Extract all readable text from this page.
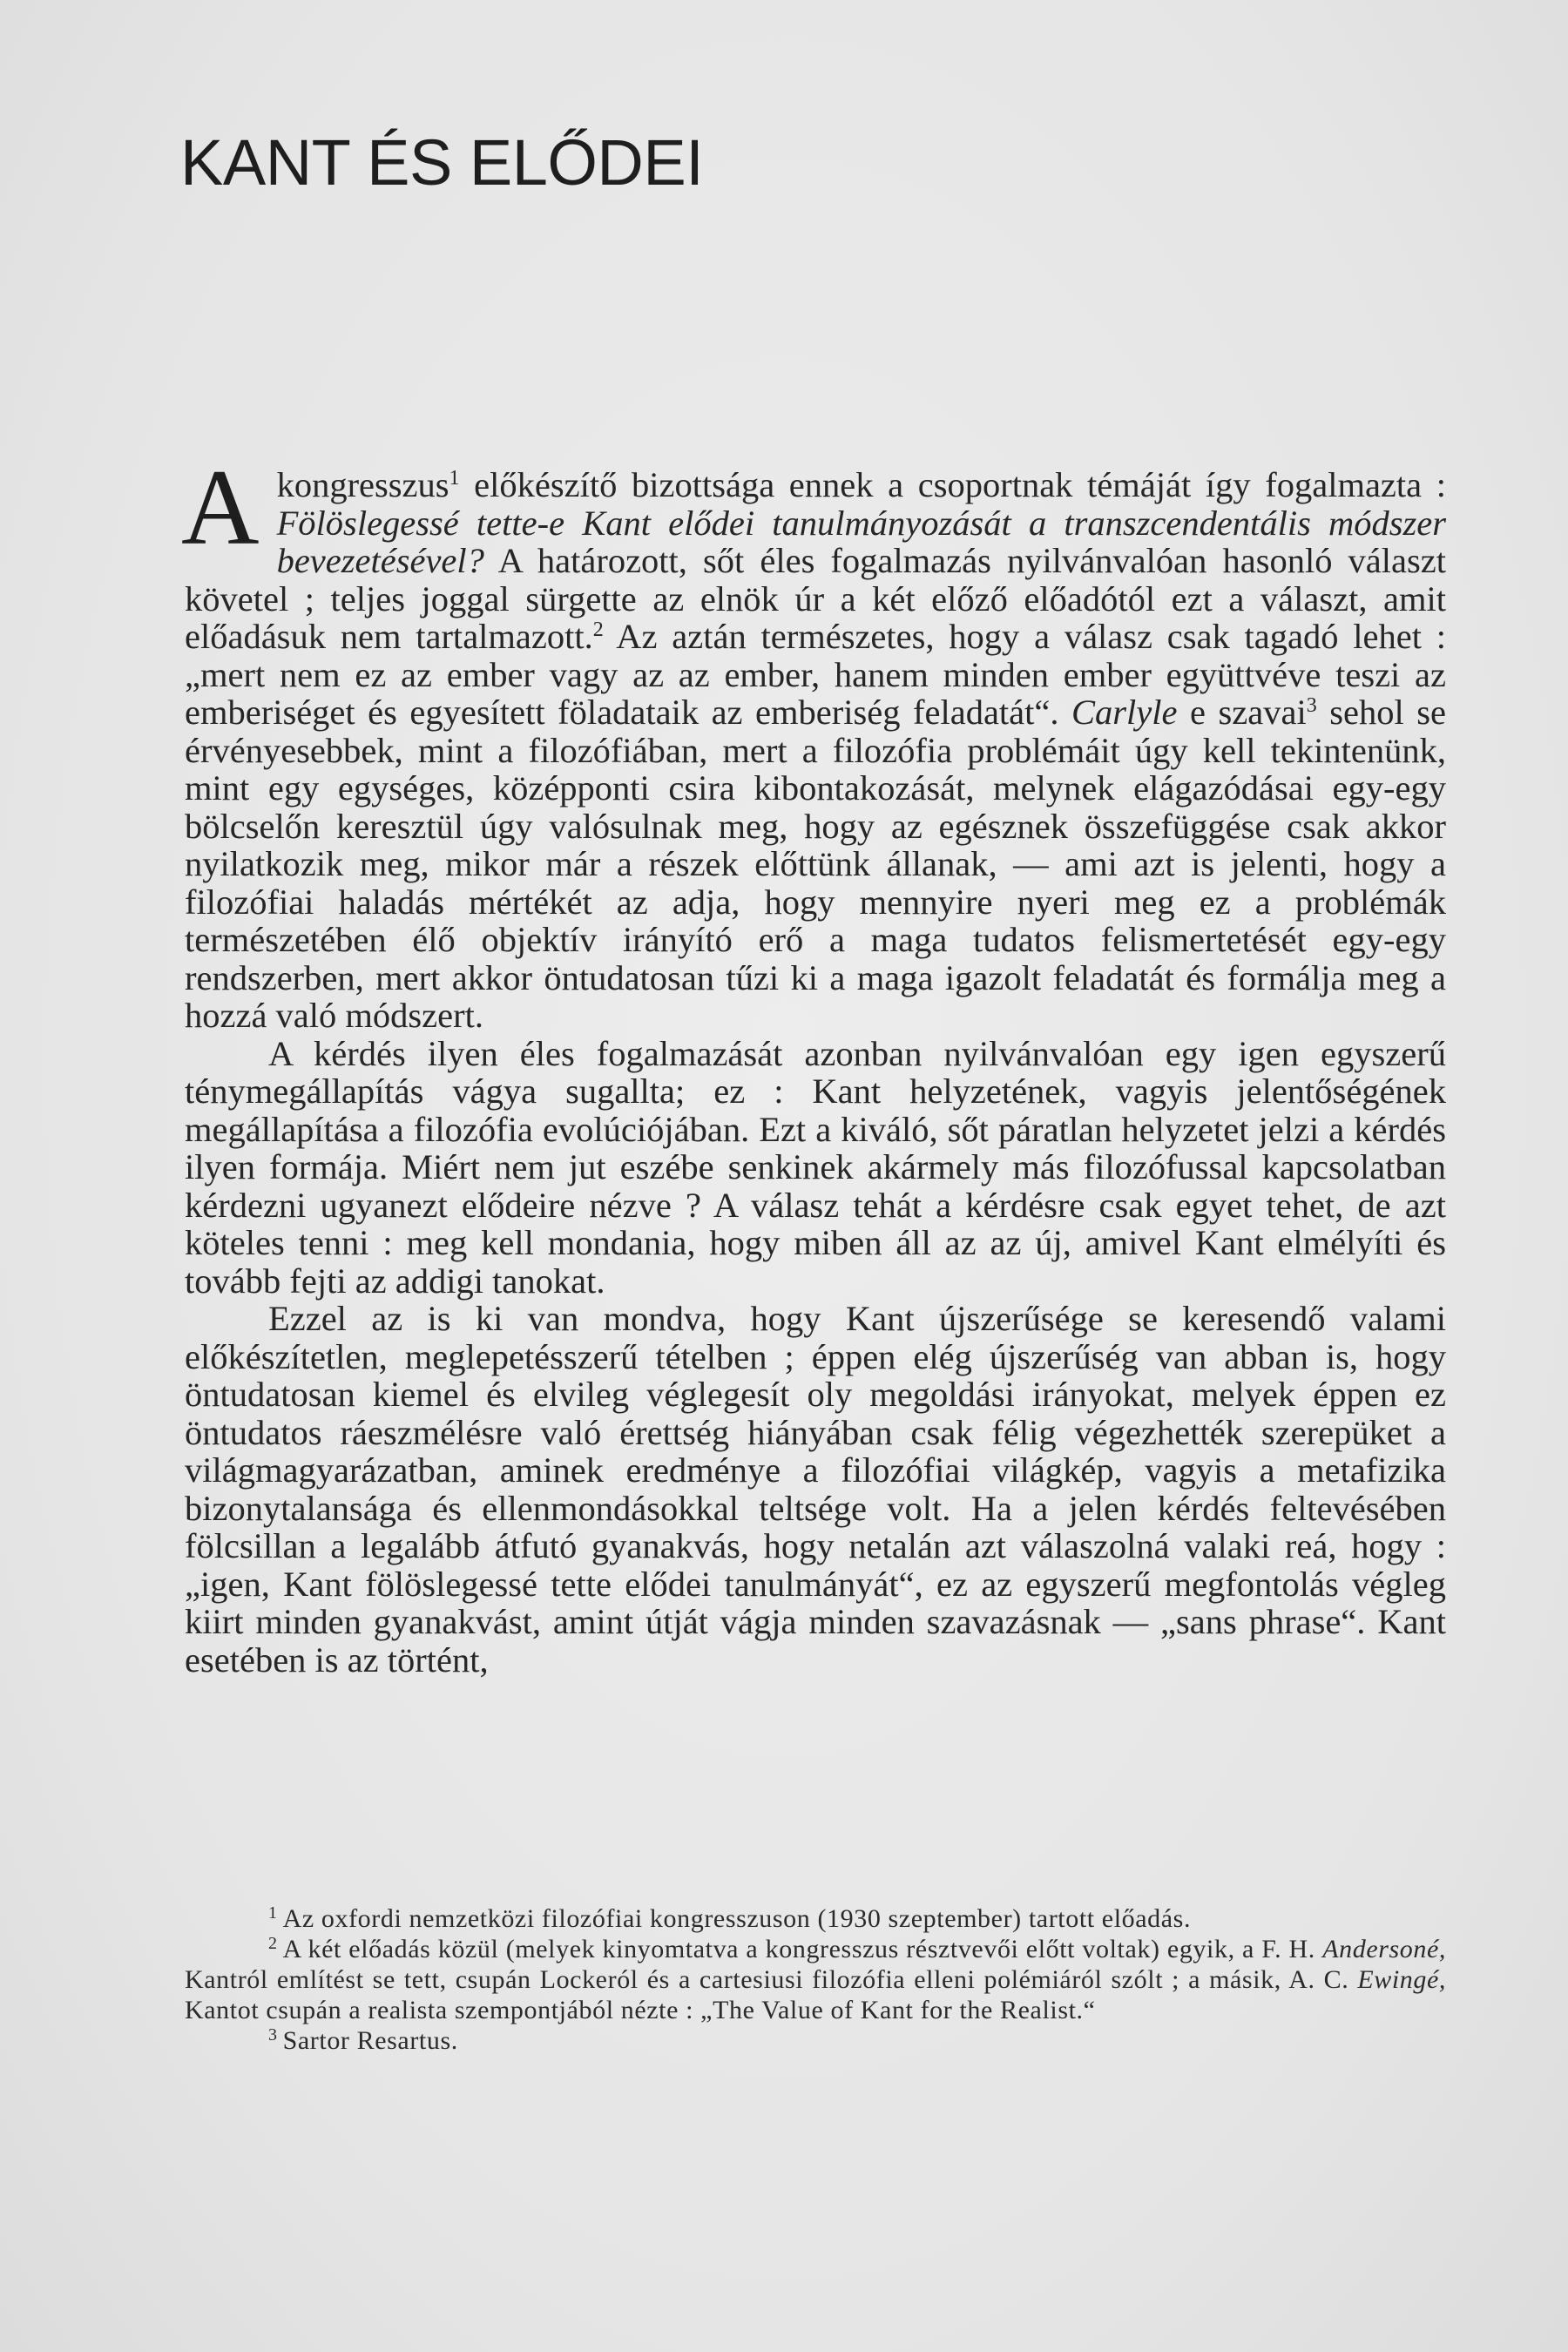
KANT ÉS ELŐDEI

Akongresszus$^1$ előkészítő bizottsága ennek a csoportnak témáját így fogalmazta : Fölöslegessé tette-e Kant elődei tanulmányozását a transzcendentális módszer bevezetésével? A határozott, sőt éles fogalmazás nyilvánvalóan hasonló választ követel ; teljes joggal sürgette az elnök úr a két előző előadótól ezt a választ, amit előadásuk nem tartalmazott.$^2$ Az aztán természetes, hogy a válasz csak tagadó lehet : „mert nem ez az ember vagy az az ember, hanem minden ember együttvéve teszi az emberiséget és egyesített föladataik az emberiség feladatát“. Carlyle e szavai$^3$ sehol se érvényesebbek, mint a filozófiában, mert a filozófia problémáit úgy kell tekintenünk, mint egy egységes, középponti csira kibontakozását, melynek elágazódásai egy-egy bölcselőn keresztül úgy valósulnak meg, hogy az egésznek összefüggése csak akkor nyilatkozik meg, mikor már a részek előttünk állanak, — ami azt is jelenti, hogy a filozófiai haladás mértékét az adja, hogy mennyire nyeri meg ez a problémák természetében élő objektív irányító erő a maga tudatos felismertetését egy-egy rendszerben, mert akkor öntudatosan tűzi ki a maga igazolt feladatát és formálja meg a hozzá való módszert.

A kérdés ilyen éles fogalmazását azonban nyilvánvalóan egy igen egyszerű ténymegállapítás vágya sugallta; ez : Kant helyzetének, vagyis jelentőségének megállapítása a filozófia evolúciójában. Ezt a kiváló, sőt páratlan helyzetet jelzi a kérdés ilyen formája. Miért nem jut eszébe senkinek akármely más filozófussal kapcsolatban kérdezni ugyanezt elődeire nézve ? A válasz tehát a kérdésre csak egyet tehet, de azt köteles tenni : meg kell mondania, hogy miben áll az az új, amivel Kant elmélyíti és tovább fejti az addigi tanokat.

Ezzel az is ki van mondva, hogy Kant újszerűsége se keresendő valami előkészítetlen, meglepetésszerű tételben ; éppen elég újszerűség van abban is, hogy öntudatosan kiemel és elvileg véglegesít oly megoldási irányokat, melyek éppen ez öntudatos ráeszmélésre való érettség hiányában csak félig végezhették szerepüket a világmagyarázatban, aminek eredménye a filozófiai világkép, vagyis a metafizika bizonytalansága és ellenmondásokkal teltsége volt. Ha a jelen kérdés feltevésében fölcsillan a legalább átfutó gyanakvás, hogy netalán azt válaszolná valaki reá, hogy : „igen, Kant fölöslegessé tette elődei tanulmányát“, ez az egyszerű megfontolás végleg kiirt minden gyanakvást, amint útját vágja minden szavazásnak — „sans phrase“. Kant esetében is az történt,

$^1$ Az oxfordi nemzetközi filozófiai kongresszuson (1930 szeptember) tartott előadás.

$^2$ A két előadás közül (melyek kinyomtatva a kongresszus résztvevői előtt voltak) egyik, a F. H. Andersoné, Kantról említést se tett, csupán Lockeról és a cartesiusi filozófia elleni polémiáról szólt ; a másik, A. C. Ewingé, Kantot csupán a realista szempontjából nézte : „The Value of Kant for the Realist.“

$^3$ Sartor Resartus.
